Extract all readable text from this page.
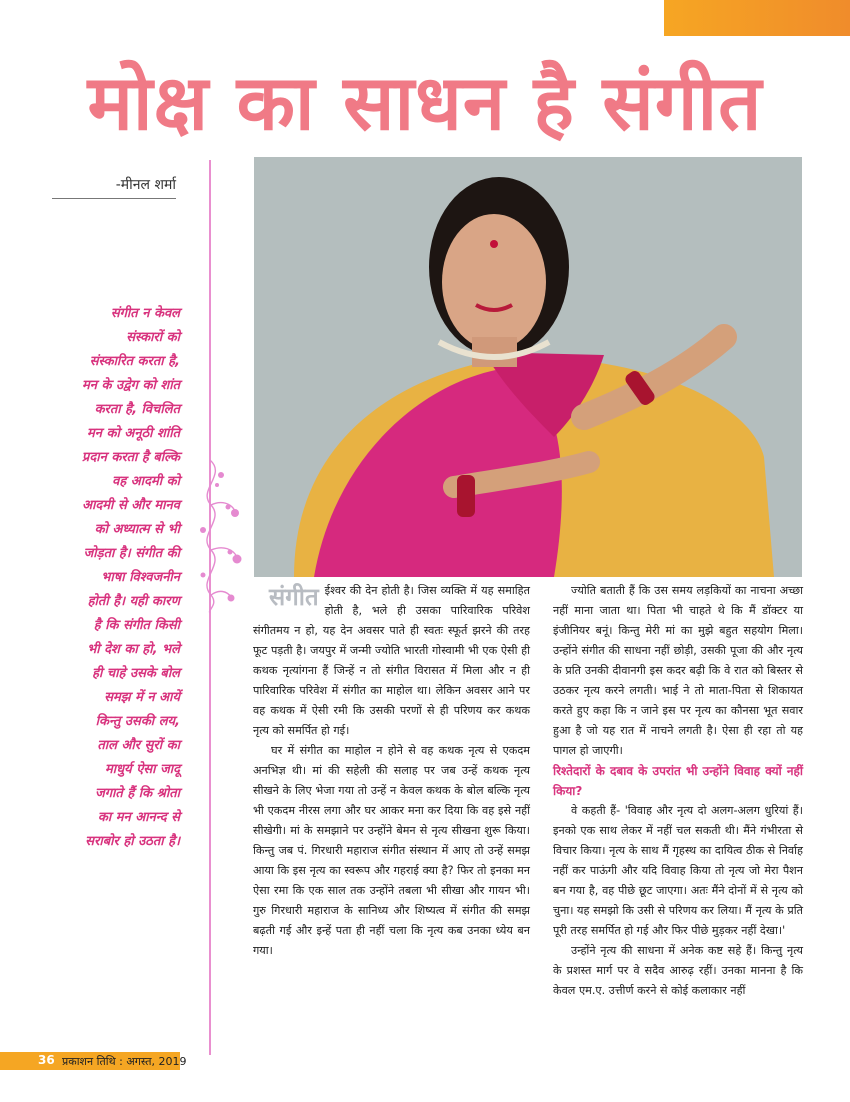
मोक्ष का साधन है संगीत
-मीनल शर्मा
संगीत न केवल
संस्कारों को
संस्कारित करता है,
मन के उद्वेग को शांत
करता है, विचलित
मन को अनूठी शांति
प्रदान करता है बल्कि
वह आदमी को
आदमी से और मानव
को अध्यात्म से भी
जोड़ता है। संगीत की
भाषा विश्वजनीन
होती है। यही कारण
है कि संगीत किसी
भी देश का हो, भले
ही चाहे उसके बोल
समझ में न आयें
किन्तु उसकी लय,
ताल और सुरों का
माधुर्य ऐसा जादू
जगाते हैं कि श्रोता
का मन आनन्द से
सराबोर हो उठता है।

संगीत ईश्वर की देन होती है। जिस व्यक्ति में यह समाहित होती है, भले ही उसका पारिवारिक परिवेश संगीतमय न हो, यह देन अवसर पाते ही स्वतः स्फूर्त झरने की तरह फूट पड़ती है। जयपुर में जन्मी ज्योति भारती गोस्वामी भी एक ऐसी ही कथक नृत्यांगना हैं जिन्हें न तो संगीत विरासत में मिला और न ही पारिवारिक परिवेश में संगीत का माहोल था। लेकिन अवसर आने पर वह कथक में ऐसी रमी कि उसकी परणों से ही परिणय कर कथक नृत्य को समर्पित हो गई।

घर में संगीत का माहोल न होने से वह कथक नृत्य से एकदम अनभिज्ञ थी। मां की सहेली की सलाह पर जब उन्हें कथक नृत्य सीखने के लिए भेजा गया तो उन्हें न केवल कथक के बोल बल्कि नृत्य भी एकदम नीरस लगा और घर आकर मना कर दिया कि वह इसे नहीं सीखेगी। मां के समझाने पर उन्होंने बेमन से नृत्य सीखना शुरू किया। किन्तु जब पं. गिरधारी महाराज संगीत संस्थान में आए तो उन्हें समझ आया कि इस नृत्य का स्वरूप और गहराई क्या है? फिर तो इनका मन ऐसा रमा कि एक साल तक उन्होंने तबला भी सीखा और गायन भी। गुरु गिरधारी महाराज के सानिध्य और शिष्यत्व में संगीत की समझ बढ़ती गई और इन्हें पता ही नहीं चला कि नृत्य कब उनका ध्येय बन गया।

ज्योति बताती हैं कि उस समय लड़कियों का नाचना अच्छा नहीं माना जाता था। पिता भी चाहते थे कि मैं डॉक्टर या इंजीनियर बनूं। किन्तु मेरी मां का मुझे बहुत सहयोग मिला। उन्होंने संगीत की साधना नहीं छोड़ी, उसकी पूजा की और नृत्य के प्रति उनकी दीवानगी इस कदर बढ़ी कि वे रात को बिस्तर से उठकर नृत्य करने लगती। भाई ने तो माता-पिता से शिकायत करते हुए कहा कि न जाने इस पर नृत्य का कौनसा भूत सवार हुआ है जो यह रात में नाचने लगती है। ऐसा ही रहा तो यह पागल हो जाएगी।

रिश्तेदारों के दबाव के उपरांत भी उन्होंने विवाह क्यों नहीं किया?

वे कहती हैं- 'विवाह और नृत्य दो अलग-अलग धुरियां हैं। इनको एक साथ लेकर में नहीं चल सकती थी। मैंने गंभीरता से विचार किया। नृत्य के साथ मैं गृहस्थ का दायित्व ठीक से निर्वाह नहीं कर पाऊंगी और यदि विवाह किया तो नृत्य जो मेरा पैशन बन गया है, वह पीछे छूट जाएगा। अतः मैंने दोनों में से नृत्य को चुना। यह समझो कि उसी से परिणय कर लिया। मैं नृत्य के प्रति पूरी तरह समर्पित हो गई और फिर पीछे मुड़कर नहीं देखा।'

उन्होंने नृत्य की साधना में अनेक कष्ट सहे हैं। किन्तु नृत्य के प्रशस्त मार्ग पर वे सदैव आरुढ़ रहीं। उनका मानना है कि केवल एम.ए. उत्तीर्ण करने से कोई कलाकार नहीं

36 प्रकाशन तिथि : अगस्त, 2019
